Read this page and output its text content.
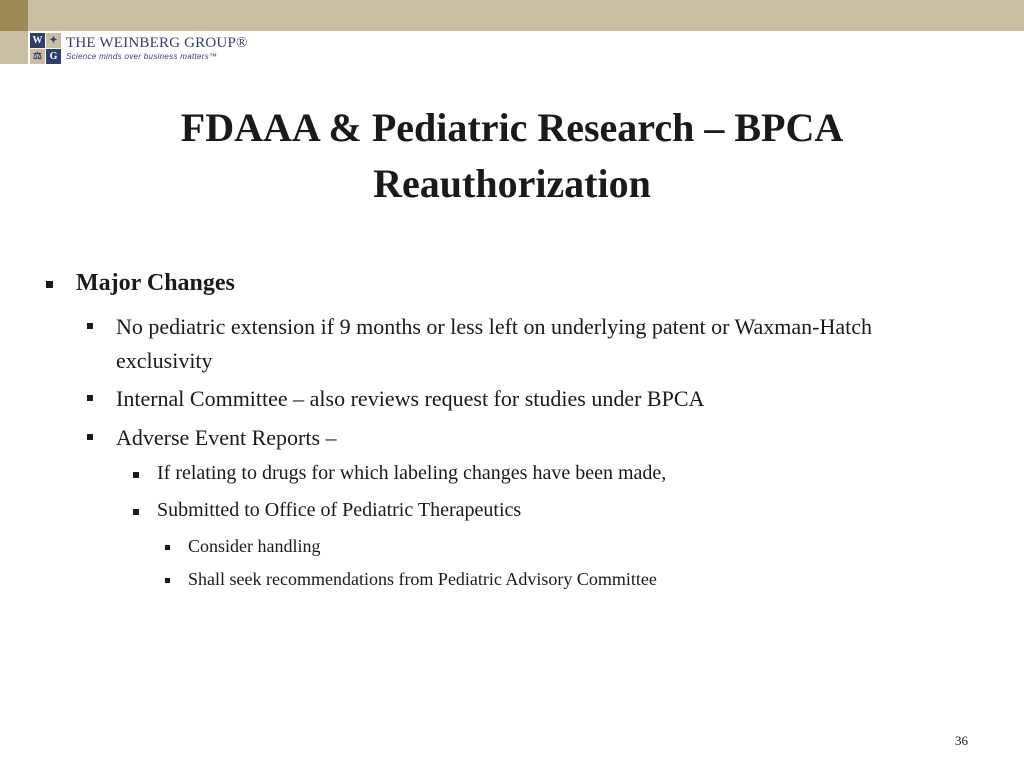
W ✦
⚖ G
THE WEINBERG GROUP®
Science minds over business matters™
FDAAA & Pediatric Research – BPCA
Reauthorization
Major Changes
No pediatric extension if 9 months or less left on underlying patent or Waxman-Hatch exclusivity
Internal Committee – also reviews request for studies under BPCA
Adverse Event Reports –
If relating to drugs for which labeling changes have been made,
Submitted to Office of Pediatric Therapeutics
Consider handling
Shall seek recommendations from Pediatric Advisory Committee
36
